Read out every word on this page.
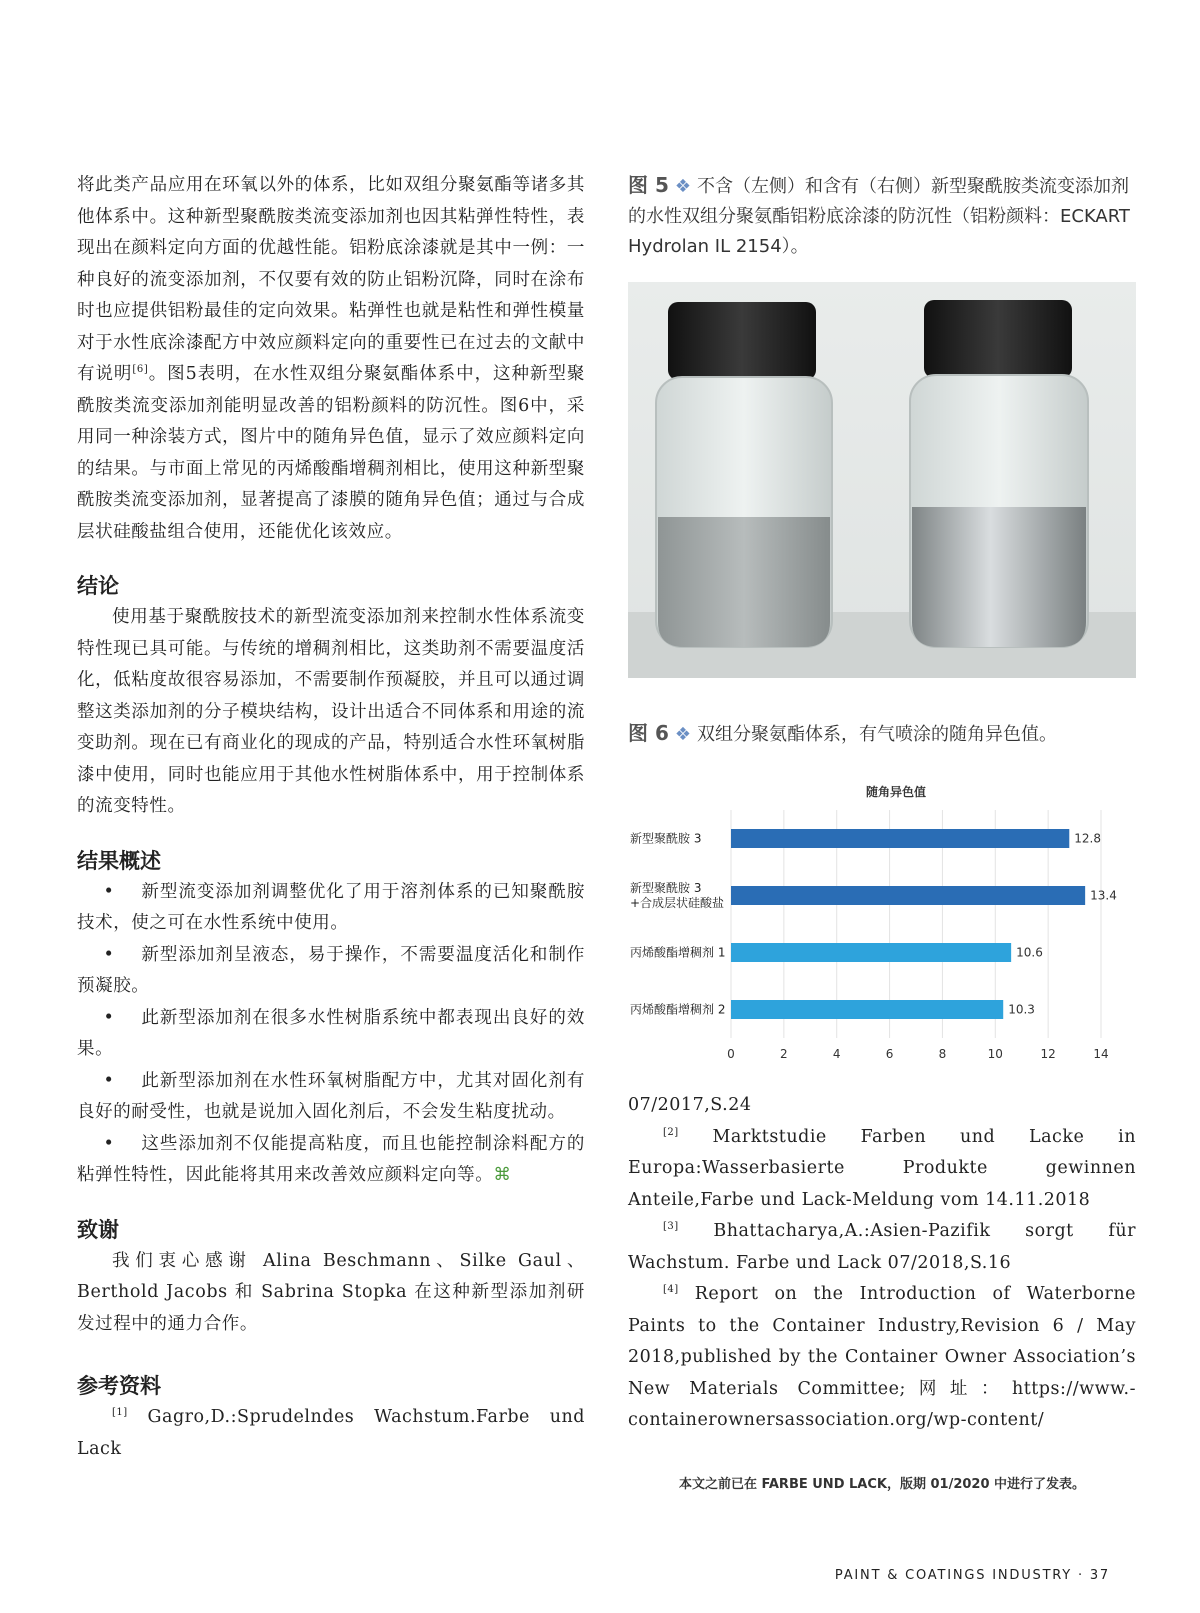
将此类产品应用在环氧以外的体系，比如双组分聚氨酯等诸多其他体系中。这种新型聚酰胺类流变添加剂也因其粘弹性特性，表现出在颜料定向方面的优越性能。铝粉底涂漆就是其中一例：一种良好的流变添加剂，不仅要有效的防止铝粉沉降，同时在涂布时也应提供铝粉最佳的定向效果。粘弹性也就是粘性和弹性模量对于水性底涂漆配方中效应颜料定向的重要性已在过去的文献中有说明[6]。图5表明，在水性双组分聚氨酯体系中，这种新型聚酰胺类流变添加剂能明显改善的铝粉颜料的防沉性。图6中，采用同一种涂装方式，图片中的随角异色值，显示了效应颜料定向的结果。与市面上常见的丙烯酸酯增稠剂相比，使用这种新型聚酰胺类流变添加剂，显著提高了漆膜的随角异色值；通过与合成层状硅酸盐组合使用，还能优化该效应。

结论

使用基于聚酰胺技术的新型流变添加剂来控制水性体系流变特性现已具可能。与传统的增稠剂相比，这类助剂不需要温度活化，低粘度故很容易添加，不需要制作预凝胶，并且可以通过调整这类添加剂的分子模块结构，设计出适合不同体系和用途的流变助剂。现在已有商业化的现成的产品，特别适合水性环氧树脂漆中使用，同时也能应用于其他水性树脂体系中，用于控制体系的流变特性。

结果概述

• 新型流变添加剂调整优化了用于溶剂体系的已知聚酰胺技术，使之可在水性系统中使用。

• 新型添加剂呈液态，易于操作，不需要温度活化和制作预凝胶。

• 此新型添加剂在很多水性树脂系统中都表现出良好的效果。

• 此新型添加剂在水性环氧树脂配方中，尤其对固化剂有良好的耐受性，也就是说加入固化剂后，不会发生粘度扰动。

• 这些添加剂不仅能提高粘度，而且也能控制涂料配方的粘弹性特性，因此能将其用来改善效应颜料定向等。⌘

致谢

我们衷心感谢 Alina Beschmann、Silke Gaul、Berthold Jacobs 和 Sabrina Stopka 在这种新型添加剂研发过程中的通力合作。

参考资料

[1] Gagro,D.:Sprudelndes Wachstum.Farbe und Lack

图 5 ❖ 不含（左侧）和含有（右侧）新型聚酰胺类流变添加剂的水性双组分聚氨酯铝粉底涂漆的防沉性（铝粉颜料：ECKART Hydrolan IL 2154）。

图 6 ❖ 双组分聚氨酯体系，有气喷涂的随角异色值。

随角异色值
0	2	4	6	8	10	12	14
12.8
新型聚酰胺 3
13.4
新型聚酰胺 3
+合成层状硅酸盐
10.6
丙烯酸酯增稠剂 1
10.3
丙烯酸酯增稠剂 2

07/2017,S.24

[2] Marktstudie Farben und Lacke in Europa:Wasserbasierte Produkte gewinnen Anteile,Farbe und Lack-Meldung vom 14.11.2018

[3] Bhattacharya,A.:Asien-Pazifik sorgt für Wachstum. Farbe und Lack 07/2018,S.16

[4] Report on the Introduction of Waterborne Paints to the Container Industry,Revision 6 / May 2018,published by the Container Owner Association’s New Materials Committee;网址：https://www.-containerownersassociation.org/wp-content/

本文之前已在 FARBE UND LACK，版期 01/2020 中进行了发表。
PAINT & COATINGS INDUSTRY · 37
